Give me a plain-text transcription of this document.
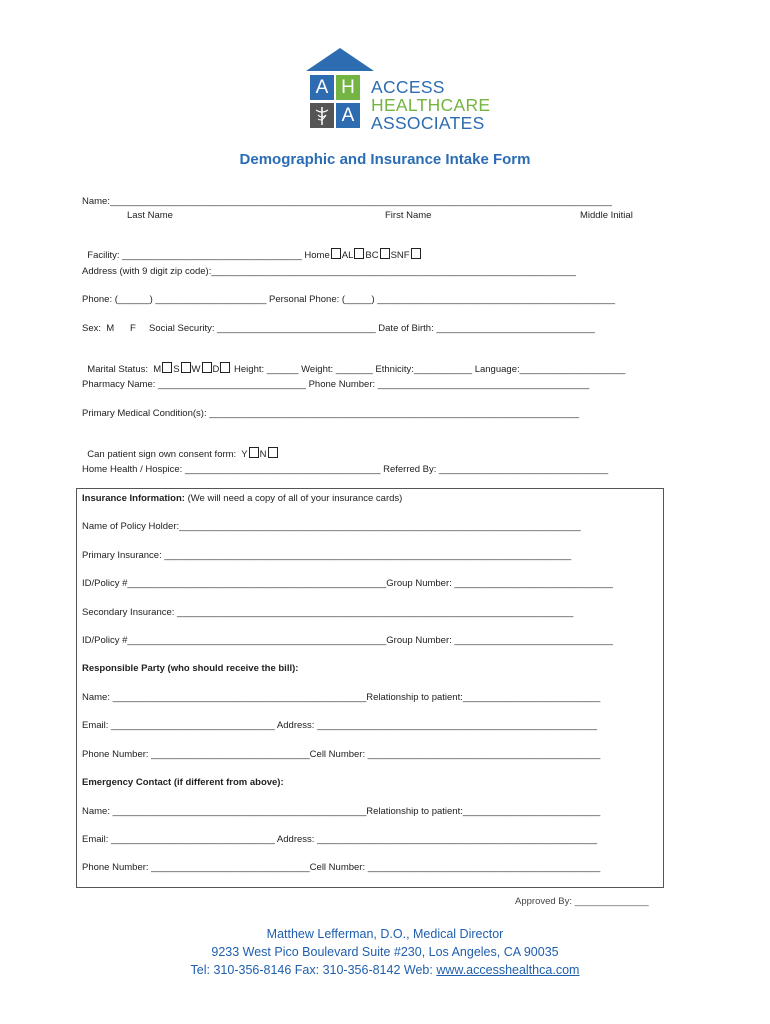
A H
A
ACCESS
HEALTHCARE
ASSOCIATES
Demographic and Insurance Intake Form
Name:_______________________________________________________________________________________________
Last Name	First Name	Middle Initial

Facility: __________________________________ Home AL BC SNF

Address (with 9 digit zip code):_____________________________________________________________________
Phone: (______) _____________________ Personal Phone: (_____) _____________________________________________
Sex:  M      F     Social Security: ______________________________ Date of Birth: ______________________________

Marital Status:  M S W D Height: ______ Weight: _______ Ethnicity:___________ Language:____________________

Pharmacy Name: ____________________________ Phone Number: ________________________________________
Primary Medical Condition(s): ______________________________________________________________________

Can patient sign own consent form:  Y N

Home Health / Hospice: _____________________________________ Referred By: ________________________________
Insurance Information: (We will need a copy of all of your insurance cards)
Name of Policy Holder:____________________________________________________________________________
Primary Insurance: _____________________________________________________________________________
ID/Policy #_________________________________________________Group Number: ______________________________
Secondary Insurance: ___________________________________________________________________________
ID/Policy #_________________________________________________Group Number: ______________________________
Responsible Party (who should receive the bill):
Name: ________________________________________________Relationship to patient:__________________________
Email: _______________________________ Address: _____________________________________________________
Phone Number: ______________________________Cell Number: ____________________________________________
Emergency Contact (if different from above):
Name: ________________________________________________Relationship to patient:__________________________
Email: _______________________________ Address: _____________________________________________________
Phone Number: ______________________________Cell Number: ____________________________________________
Approved By: ______________
Matthew Lefferman, D.O., Medical Director
9233 West Pico Boulevard Suite #230, Los Angeles, CA 90035
Tel: 310-356-8146 Fax: 310-356-8142 Web: www.accesshealthca.com
